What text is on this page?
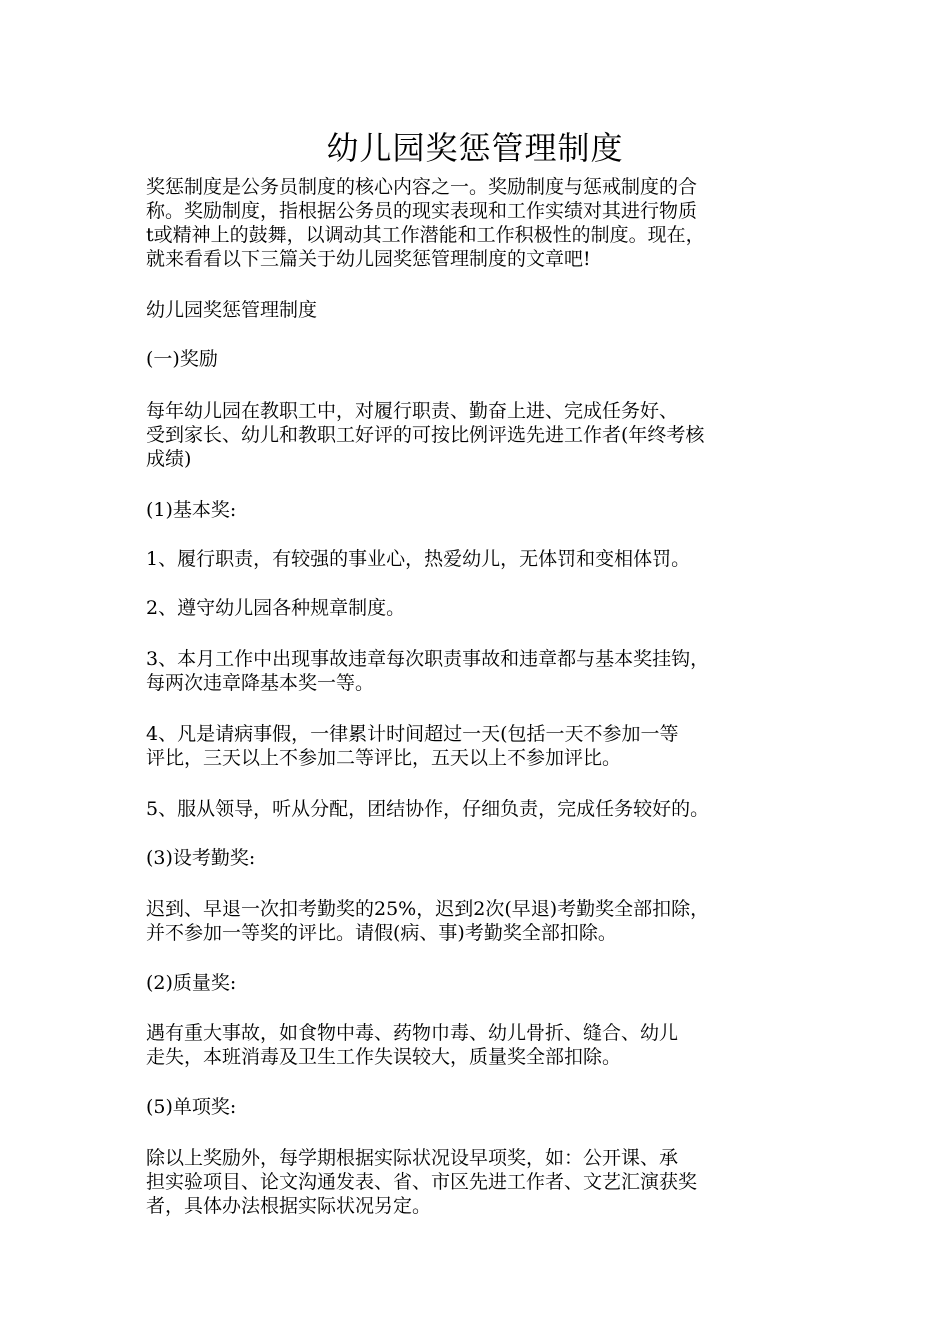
幼儿园奖惩管理制度
奖惩制度是公务员制度的核心内容之一。奖励制度与惩戒制度的合
称。奖励制度，指根据公务员的现实表现和工作实绩对其进行物质
t或精神上的鼓舞，以调动其工作潜能和工作积极性的制度。现在，
就来看看以下三篇关于幼儿园奖惩管理制度的文章吧!
幼儿园奖惩管理制度
(一)奖励
每年幼儿园在教职工中，对履行职责、勤奋上进、完成任务好、
受到家长、幼儿和教职工好评的可按比例评选先进工作者(年终考核
成绩)
(1)基本奖:
1、履行职责，有较强的事业心，热爱幼儿，无体罚和变相体罚。
2、遵守幼儿园各种规章制度。
3、本月工作中出现事故违章每次职责事故和违章都与基本奖挂钩，
每两次违章降基本奖一等。
4、凡是请病事假，一律累计时间超过一天(包括一天不参加一等
评比，三天以上不参加二等评比，五天以上不参加评比。
5、服从领导，听从分配，团结协作，仔细负责，完成任务较好的。
(3)设考勤奖:
迟到、早退一次扣考勤奖的25%，迟到2次(早退)考勤奖全部扣除，
并不参加一等奖的评比。请假(病、事)考勤奖全部扣除。
(2)质量奖:
遇有重大事故，如食物中毒、药物巾毒、幼儿骨折、缝合、幼儿
走失，本班消毒及卫生工作失误较大，质量奖全部扣除。
(5)单项奖:
除以上奖励外，每学期根据实际状况设早项奖，如：公开课、承
担实验项目、论文沟通发表、省、市区先进工作者、文艺汇演获奖
者，具体办法根据实际状况另定。
